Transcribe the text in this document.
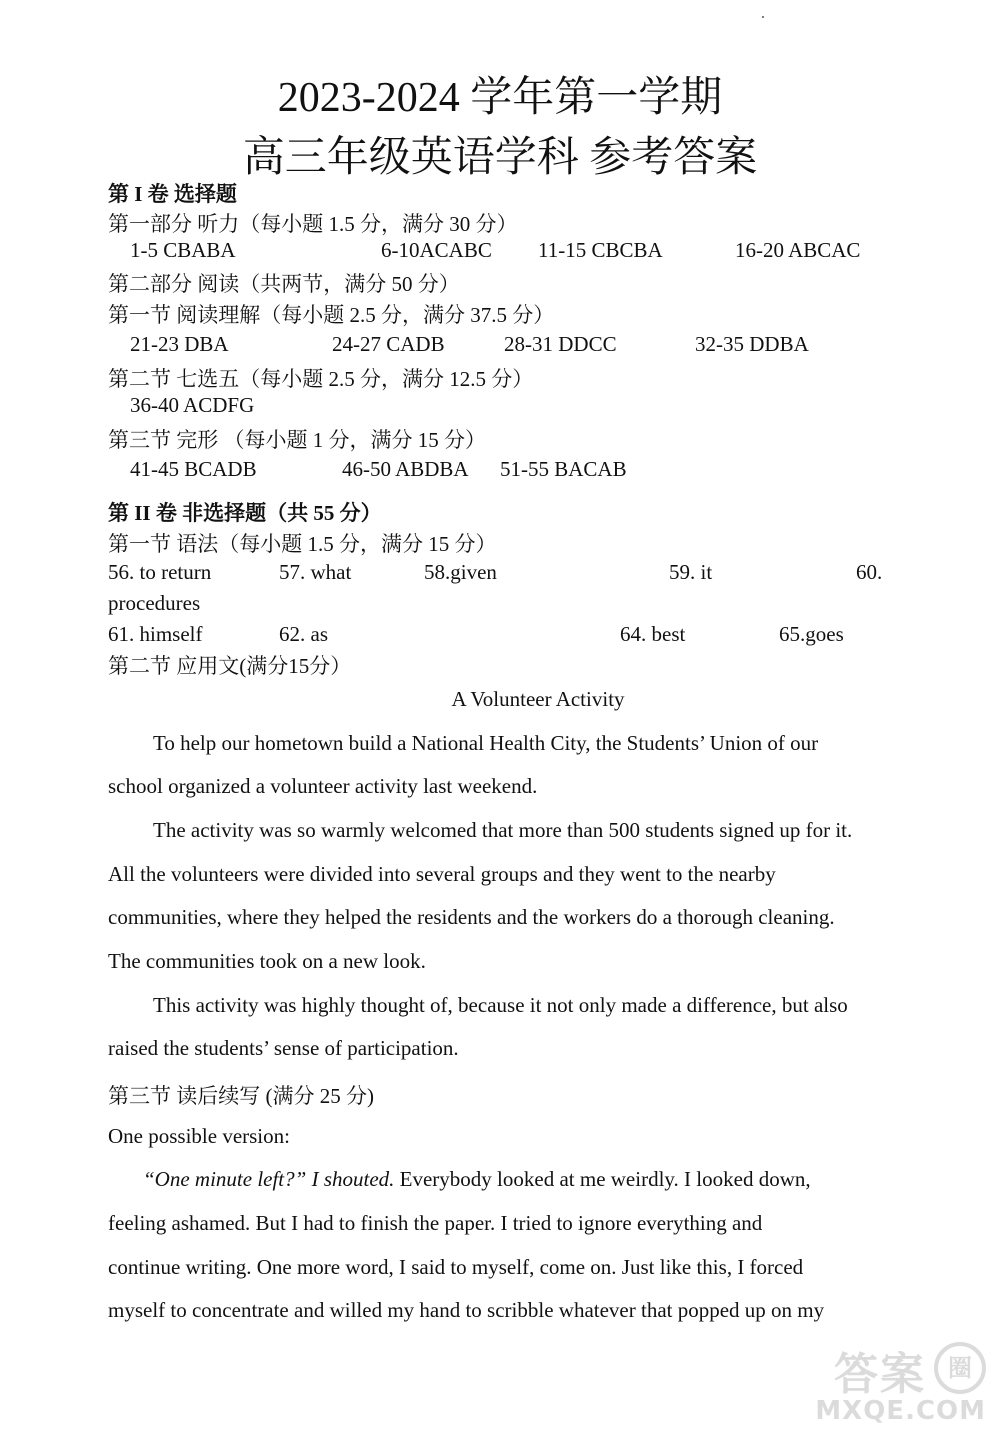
2023-2024 学年第一学期
高三年级英语学科 参考答案
第 I 卷 选择题
第一部分 听力（每小题 1.5 分，满分 30 分）
1-5 CBABA	6-10ACABC 11-15 CBCBA	16-20 ABCAC
第二部分 阅读（共两节，满分 50 分）
第一节 阅读理解（每小题 2.5 分，满分 37.5 分）
21-23 DBA	24-27 CADB	28-31 DDCC	32-35 DDBA
第二节 七选五（每小题 2.5 分，满分 12.5 分）
36-40 ACDFG
第三节 完形 （每小题 1 分，满分 15 分）
41-45 BCADB	46-50 ABDBA 51-55 BACAB
第 II 卷 非选择题（共 55 分）
第一节 语法（每小题 1.5 分，满分 15 分）
56. to return	57. what	58.given	59. it	60.
procedures
61. himself	62. as	64. best	65.goes
第二节 应用文(满分15分）
A Volunteer Activity
To help our hometown build a National Health City, the Students’ Union of our
school organized a volunteer activity last weekend.
The activity was so warmly welcomed that more than 500 students signed up for it.
All the volunteers were divided into several groups and they went to the nearby
communities, where they helped the residents and the workers do a thorough cleaning.
The communities took on a new look.
This activity was highly thought of, because it not only made a difference, but also
raised the students’ sense of participation.
第三节 读后续写 (满分 25 分)
One possible version:
“One minute left?” I shouted. Everybody looked at me weirdly. I looked down,
feeling ashamed. But I had to finish the paper. I tried to ignore everything and
continue writing. One more word, I said to myself, come on. Just like this, I forced
myself to concentrate and willed my hand to scribble whatever that popped up on my
答案 圈
MXQE.COM
